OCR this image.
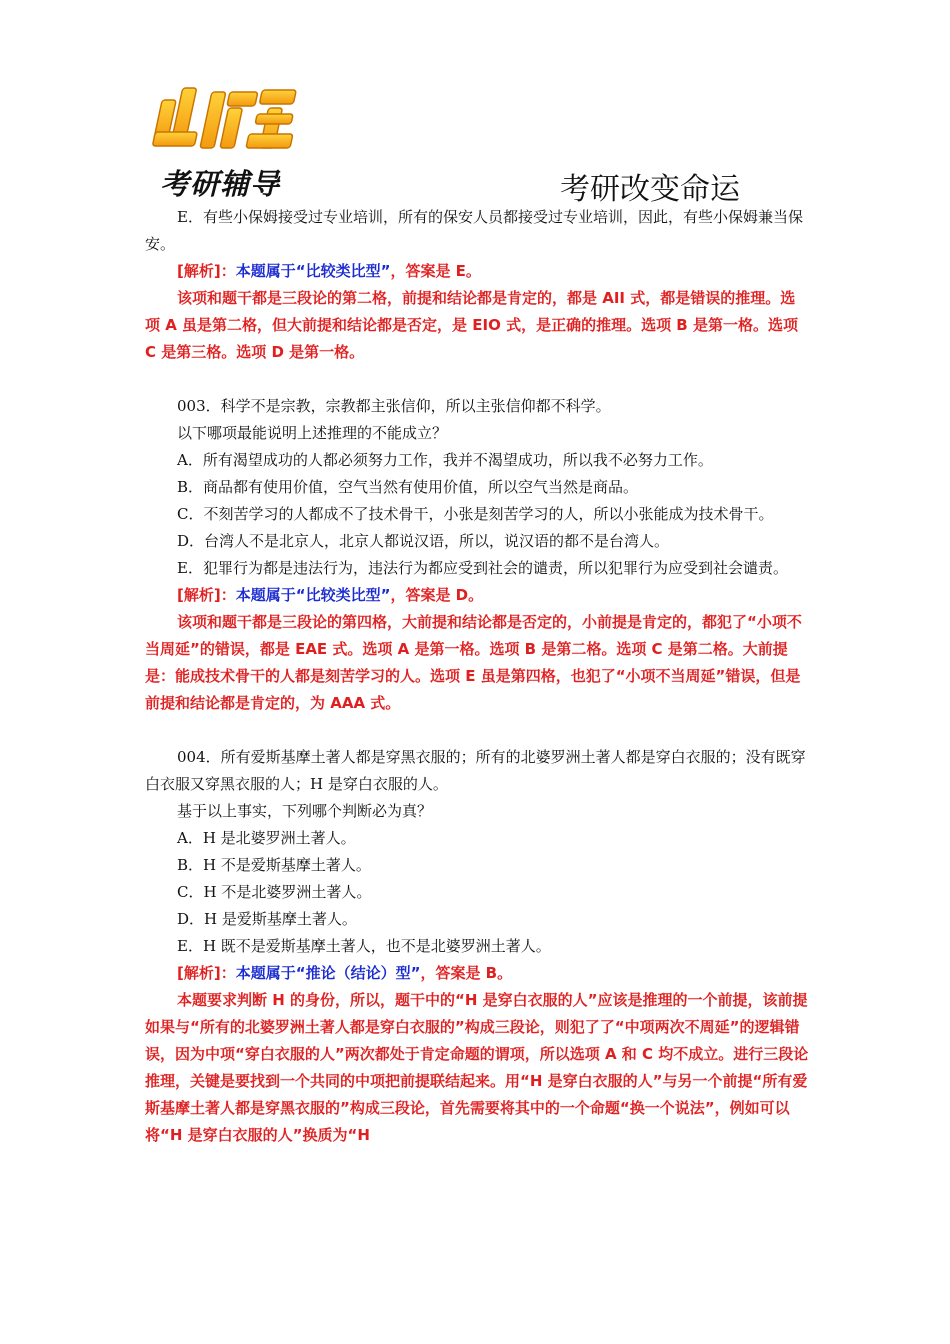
考研辅导	考研改变命运

E．有些小保姆接受过专业培训，所有的保安人员都接受过专业培训，因此，有些小保姆兼当保安。

[解析]：本题属于“比较类比型”，答案是 E。

该项和题干都是三段论的第二格，前提和结论都是肯定的，都是 AII 式，都是错误的推理。选项 A 虽是第二格，但大前提和结论都是否定，是 EIO 式，是正确的推理。选项 B 是第一格。选项 C 是第三格。选项 D 是第一格。

003．科学不是宗教，宗教都主张信仰，所以主张信仰都不科学。

以下哪项最能说明上述推理的不能成立？

A．所有渴望成功的人都必须努力工作，我并不渴望成功，所以我不必努力工作。

B．商品都有使用价值，空气当然有使用价值，所以空气当然是商品。

C．不刻苦学习的人都成不了技术骨干，小张是刻苦学习的人，所以小张能成为技术骨干。

D．台湾人不是北京人，北京人都说汉语，所以，说汉语的都不是台湾人。

E．犯罪行为都是违法行为，违法行为都应受到社会的谴责，所以犯罪行为应受到社会谴责。

[解析]：本题属于“比较类比型”，答案是 D。

该项和题干都是三段论的第四格，大前提和结论都是否定的，小前提是肯定的，都犯了“小项不当周延”的错误，都是 EAE 式。选项 A 是第一格。选项 B 是第二格。选项 C 是第二格。大前提是：能成技术骨干的人都是刻苦学习的人。选项 E 虽是第四格，也犯了“小项不当周延”错误，但是前提和结论都是肯定的，为 AAA 式。

004．所有爱斯基摩土著人都是穿黑衣服的；所有的北婆罗洲土著人都是穿白衣服的；没有既穿白衣服又穿黑衣服的人；H 是穿白衣服的人。

基于以上事实，下列哪个判断必为真？

A．H 是北婆罗洲土著人。

B．H 不是爱斯基摩土著人。

C．H 不是北婆罗洲土著人。

D．H 是爱斯基摩土著人。

E．H 既不是爱斯基摩土著人，也不是北婆罗洲土著人。

[解析]：本题属于“推论（结论）型”，答案是 B。

本题要求判断 H 的身份，所以，题干中的“H 是穿白衣服的人”应该是推理的一个前提，该前提如果与“所有的北婆罗洲土著人都是穿白衣服的”构成三段论，则犯了了“中项两次不周延”的逻辑错误，因为中项“穿白衣服的人”两次都处于肯定命题的谓项，所以选项 A 和 C 均不成立。进行三段论推理，关键是要找到一个共同的中项把前提联结起来。用“H 是穿白衣服的人”与另一个前提“所有爱斯基摩土著人都是穿黑衣服的”构成三段论，首先需要将其中的一个命题“换一个说法”，例如可以将“H 是穿白衣服的人”换质为“H
